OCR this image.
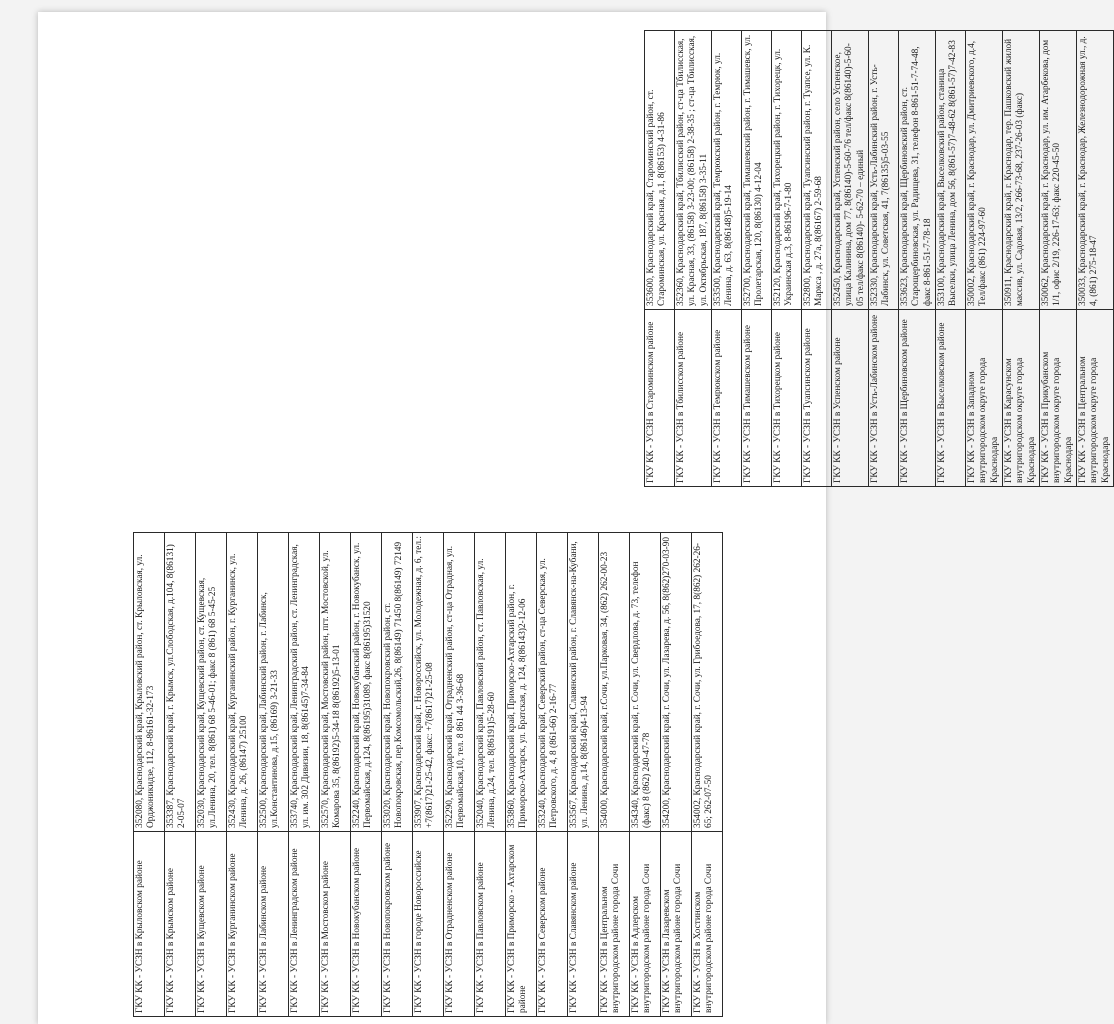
ГКУ КК - УСЗН в Староминском районе	353600, Краснодарский край, Староминский район, ст. Староминская, ул. Красная, д.1, 8(86153) 4-31-86
ГКУ КК - УСЗН в Тбилисском районе	352360, Краснодарский край, Тбилисский район, ст-ца Тбилисская, ул. Красная, 33, (86158) 3-23-00; (86158) 2-38-35 ; ст-ца Тбилисская, ул. Октябрьская, 187, 8(86158) 3-35-11
ГКУ КК - УСЗН в Темрюкском районе	353500, Краснодарский край, Темрюкский район, г. Темрюк, ул. Ленина, д. 63, 8(86148)5-19-14
ГКУ КК - УСЗН в Тимашевском районе	352700, Краснодарский край, Тимашевский район, г. Тимашевск, ул. Пролетарская, 120, 8(86130) 4-12-04
ГКУ КК - УСЗН в Тихорецком районе	352120, Краснодарский край, Тихорецкий район, г. Тихорецк, ул. Украинская д.3, 8-86196-7-1-80
ГКУ КК - УСЗН в Туапсинском районе	352800, Краснодарский край, Туапсинский район, г. Туапсе, ул. К. Маркса , д. 27а, 8(86167) 2-59-68
ГКУ КК - УСЗН в Успенском районе	352450, Краснодарский край, Успенский район, село Успенское, улица Калинина, дом 77, 8(86140)-5-60-76 тел/факс 8(86140)-5-60-05 тел/факс 8(86140)- 5-62-70 – единый
ГКУ КК - УСЗН в Усть-Лабинском районе	352330, Краснодарский край, Усть-Лабинский район, г. Усть-Лабинск, ул. Советская, 41, 7(86135)5-03-55
ГКУ КК - УСЗН в Щербиновском районе	353623, Краснодарский край, Щербиновский район, ст. Старощербиновская, ул. Радищева, 31, телефон 8-861-51-7-74-48, факс 8-861-51-7-78-18
ГКУ КК - УСЗН в Выселковском районе	353100, Краснодарский край, Выселковский район, станица Выселки, улица Ленина, дом 56, 8(861-57)7-48-62 8(861-57)7-42-83
ГКУ КК - УСЗН в Западном внутригородском округе города Краснодара	350002, Краснодарский край, г. Краснодар, ул. Дмитриевского, д.4, Тел/факс (861) 224-97-60
ГКУ КК - УСЗН в Карасунском внутригородском округе города Краснодара	350911, Краснодарский край, г. Краснодар, тер. Пашковский жилой массив, ул. Садовая, 13/2, 266-73-68, 237-26-03 (факс)
ГКУ КК - УСЗН в Прикубанском внутригородском округе города Краснодара	350062, Краснодарский край, г. Краснодар, ул. им. Атарбекова, дом 1/1, офис 2/19, 226-17-63; факс 220-45-50
ГКУ КК - УСЗН в Центральном внутригородском округе города Краснодара	350033, Краснодарский край, г. Краснодар, Железнодорожная ул., д. 4, (861) 275-18-47
ГКУ КК - УСЗН в Крыловском районе	352080, Краснодарский край, Крыловский район, ст. Крыловская, ул. Орджоникидзе, 112, 8-86161-32-173
ГКУ КК - УСЗН в Крымском районе	353387, Краснодарский край, г. Крымск, ул.Слободская, д.104, 8(86131) 2-05-07
ГКУ КК - УСЗН в Кущевском районе	352030, Краснодарский край, Кущевский район, ст. Кущевская, ул.Ленина, 20, тел. 8(861) 68 5-46-01; факс 8 (861) 68 5-45-25
ГКУ КК - УСЗН в Курганинском районе	352430, Краснодарский край, Курганинский район, г. Курганинск, ул. Ленина, д. 26, (86147) 25100
ГКУ КК - УСЗН в Лабинском районе	352500, Краснодарский край, Лабинский район, г. Лабинск, ул.Константинова, д.15, (86169) 3-21-33
ГКУ КК - УСЗН в Ленинградском районе	353740, Краснодарский край, Ленинградский район, ст. Ленинградская, ул. им. 302 Дивизии, 18, 8(86145)7-34-84
ГКУ КК - УСЗН в Мостовском районе	352570, Краснодарский край, Мостовский район, пгт. Мостовской, ул. Комарова 35, 8(86192)5-34-18 8(86192)5-13-01
ГКУ КК - УСЗН в Новокубанском районе	352240, Краснодарский край, Новокубанский район, г. Новокубанск, ул. Первомайская, д.124, 8(86195)31089, факс 8(86195)31520
ГКУ КК - УСЗН в Новопокровском районе	353020, Краснодарский край, Новопокровский район, ст. Новопокровская, пер.Комсомольский,26, 8(86149) 71450 8(86149) 72149
ГКУ КК - УСЗН в городе Новороссийске	353907, Краснодарский край, г. Новороссийск, ул. Молодежная, д. 6, тел.: +7(8617)21-25-42, факс: +7(8617)21-25-08
ГКУ КК - УСЗН в Отрадненском районе	352290, Краснодарский край, Отрадненский район, ст-ца Отрадная, ул. Первомайская,10, тел. 8 861 44 3-36-68
ГКУ КК - УСЗН в Павловском районе	352040, Краснодарский край, Павловский район, ст. Павловская, ул. Ленина, д.24, тел. 8(86191)5-28-60
ГКУ КК - УСЗН в Приморско - Ахтарском районе	353860, Краснодарский край, Приморско-Ахтарский район, г. Приморско-Ахтарск, ул. Братская, д. 124, 8(86143)2-12-06
ГКУ КК - УСЗН в Северском районе	353240, Краснодарский край, Северский район, ст-ца Северская, ул. Петровского, д. 4, 8 (861-66) 2-16-77
ГКУ КК - УСЗН в Славянском районе	353567, Краснодарский край, Славянский район, г. Славянск-на-Кубани, ул. Ленина, д.14, 8(86146)4-13-94
ГКУ КК - УСЗН в Центральном внутригородском районе города Сочи	354000, Краснодарский край, г.Сочи, ул.Парковая, 34, (862) 262-00-23
ГКУ КК - УСЗН в Адлерском внутригородском районе города Сочи	354340, Краснодарский край, г. Сочи, ул. Свердлова, д. 73, телефон (факс) 8 (862) 240-47-78
ГКУ КК - УСЗН в Лазаревском внутригородском районе города Сочи	354200, Краснодарский край, г. Сочи, ул. Лазарева, д. 56, 8(862)270-03-90
ГКУ КК - УСЗН в Хостинском внутригородском районе города Сочи	354002, Краснодарский край, г. Сочи, ул. Грибоедова, 17, 8(862) 262-26-65; 262-07-50
